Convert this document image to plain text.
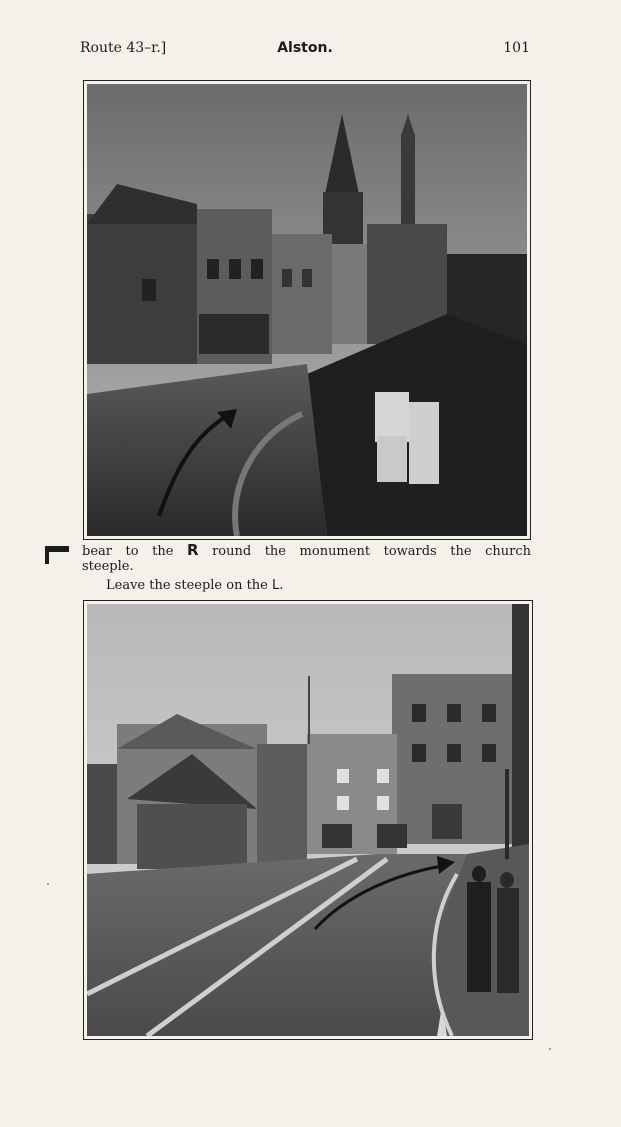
Route 43–r.]	Alston.	101
bear to the R round the monument towards the church
steeple.
Leave the steeple on the L.
